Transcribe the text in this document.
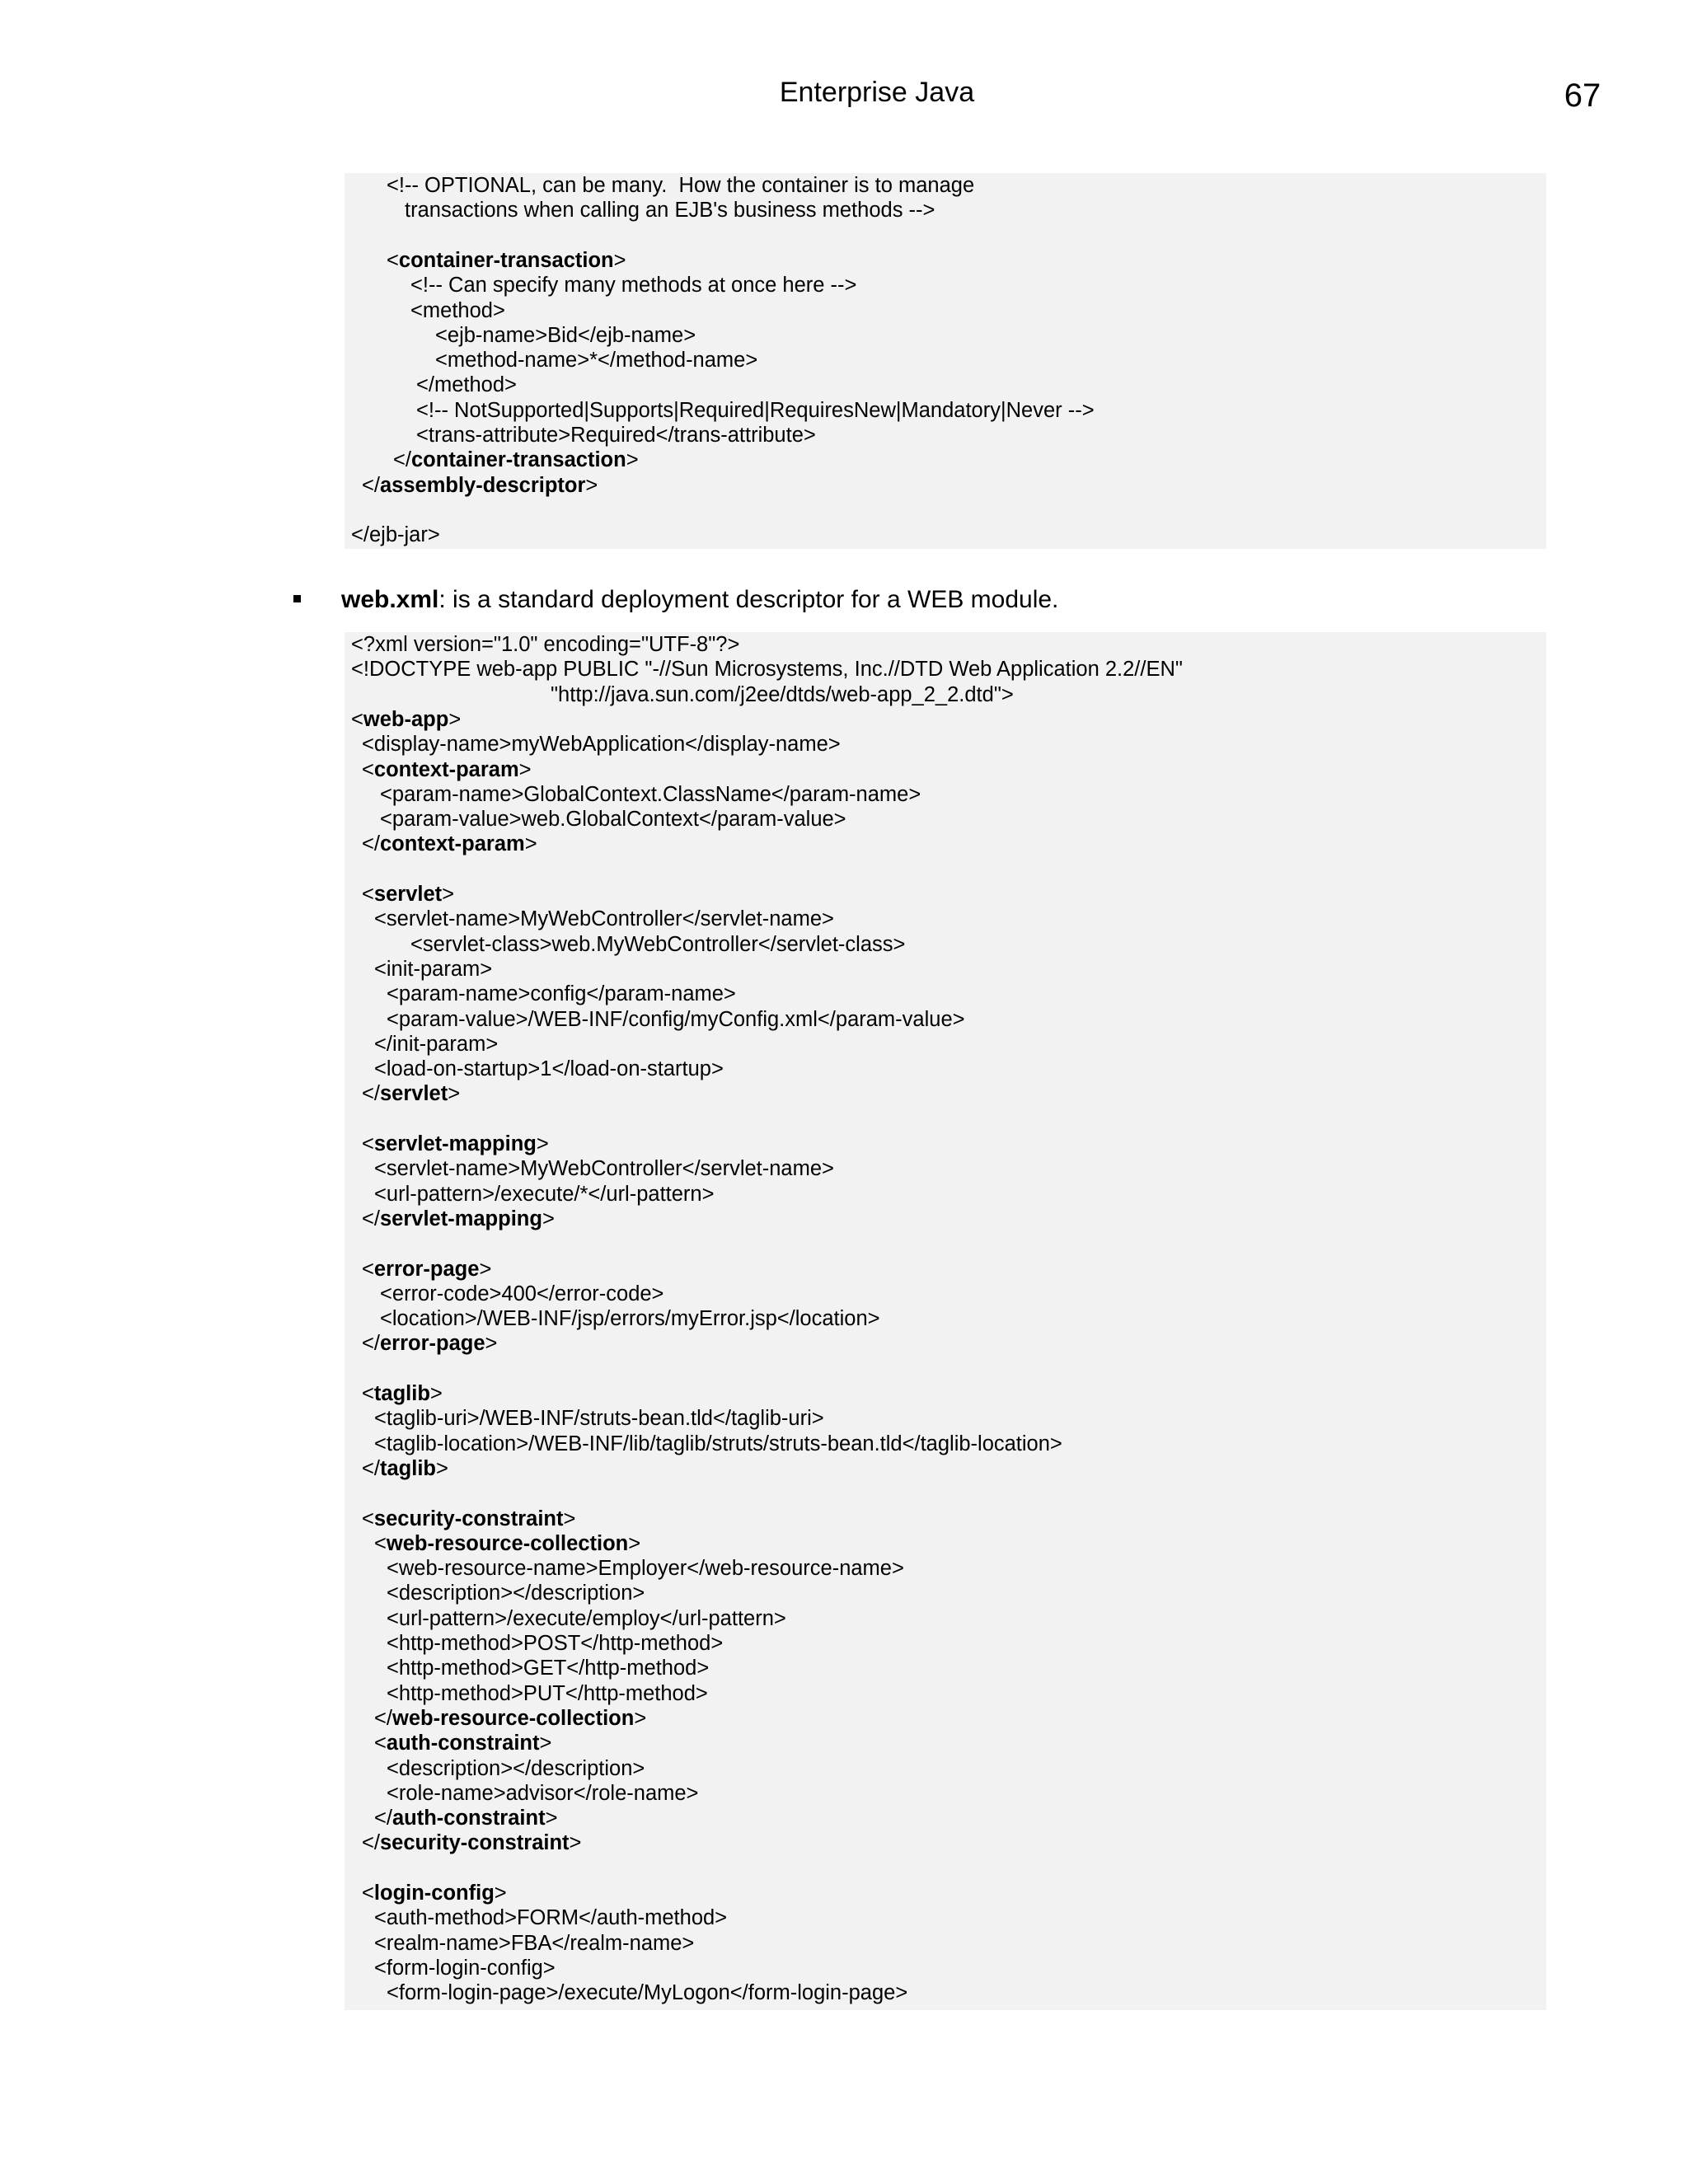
Enterprise Java	67
<!-- OPTIONAL, can be many.  How the container is to manage
transactions when calling an EJB's business methods -->
<container-transaction>
<!-- Can specify many methods at once here -->
<method>
<ejb-name>Bid</ejb-name>
<method-name>*</method-name>
</method>
<!-- NotSupported|Supports|Required|RequiresNew|Mandatory|Never -->
<trans-attribute>Required</trans-attribute>
</container-transaction>
</assembly-descriptor>
</ejb-jar>
web.xml: is a standard deployment descriptor for a WEB module.
<?xml version="1.0" encoding="UTF-8"?>
<!DOCTYPE web-app PUBLIC "-//Sun Microsystems, Inc.//DTD Web Application 2.2//EN"
"http://java.sun.com/j2ee/dtds/web-app_2_2.dtd">
<web-app>
<display-name>myWebApplication</display-name>
<context-param>
<param-name>GlobalContext.ClassName</param-name>
<param-value>web.GlobalContext</param-value>
</context-param>
<servlet>
<servlet-name>MyWebController</servlet-name>
<servlet-class>web.MyWebController</servlet-class>
<init-param>
<param-name>config</param-name>
<param-value>/WEB-INF/config/myConfig.xml</param-value>
</init-param>
<load-on-startup>1</load-on-startup>
</servlet>
<servlet-mapping>
<servlet-name>MyWebController</servlet-name>
<url-pattern>/execute/*</url-pattern>
</servlet-mapping>
<error-page>
<error-code>400</error-code>
<location>/WEB-INF/jsp/errors/myError.jsp</location>
</error-page>
<taglib>
<taglib-uri>/WEB-INF/struts-bean.tld</taglib-uri>
<taglib-location>/WEB-INF/lib/taglib/struts/struts-bean.tld</taglib-location>
</taglib>
<security-constraint>
<web-resource-collection>
<web-resource-name>Employer</web-resource-name>
<description></description>
<url-pattern>/execute/employ</url-pattern>
<http-method>POST</http-method>
<http-method>GET</http-method>
<http-method>PUT</http-method>
</web-resource-collection>
<auth-constraint>
<description></description>
<role-name>advisor</role-name>
</auth-constraint>
</security-constraint>
<login-config>
<auth-method>FORM</auth-method>
<realm-name>FBA</realm-name>
<form-login-config>
<form-login-page>/execute/MyLogon</form-login-page>
